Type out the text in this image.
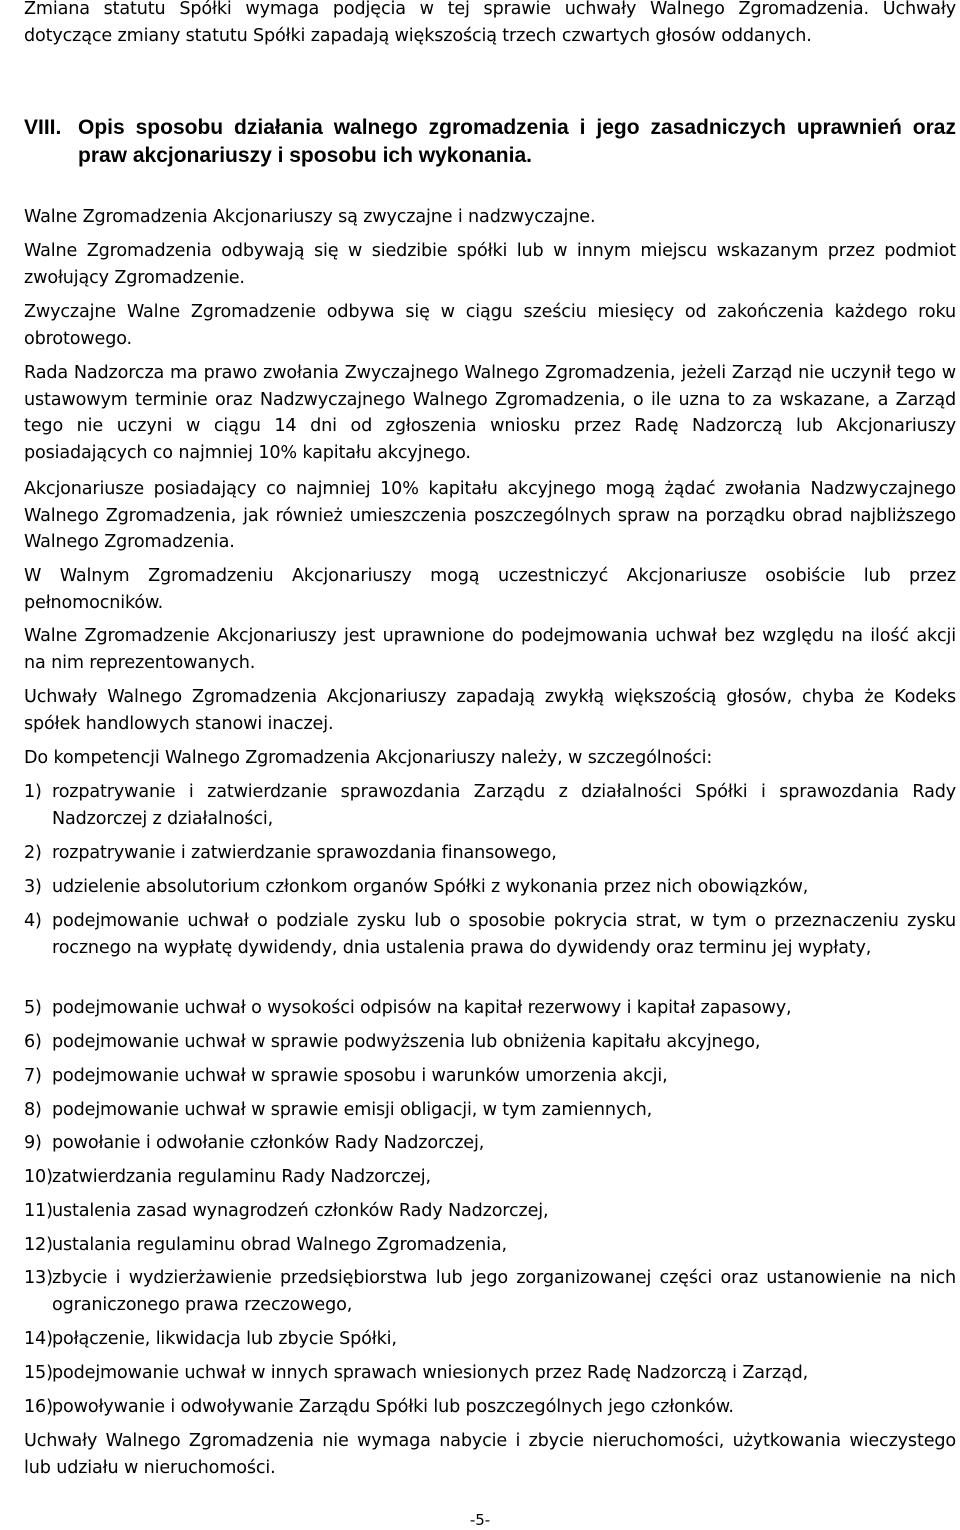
Zmiana statutu Spółki wymaga podjęcia w tej sprawie uchwały Walnego Zgromadzenia. Uchwały dotyczące zmiany statutu Spółki zapadają większością trzech czwartych głosów oddanych.

VIII. Opis sposobu działania walnego zgromadzenia i jego zasadniczych uprawnień oraz praw akcjonariuszy i sposobu ich wykonania.

Walne Zgromadzenia Akcjonariuszy są zwyczajne i nadzwyczajne.

Walne Zgromadzenia odbywają się w siedzibie spółki lub w innym miejscu wskazanym przez podmiot zwołujący Zgromadzenie.

Zwyczajne Walne Zgromadzenie odbywa się w ciągu sześciu miesięcy od zakończenia każdego roku obrotowego.

Rada Nadzorcza ma prawo zwołania Zwyczajnego Walnego Zgromadzenia, jeżeli Zarząd nie uczynił tego w ustawowym terminie oraz Nadzwyczajnego Walnego Zgromadzenia, o ile uzna to za wskazane, a Zarząd tego nie uczyni w ciągu 14 dni od zgłoszenia wniosku przez Radę Nadzorczą lub Akcjonariuszy posiadających co najmniej 10% kapitału akcyjnego.

Akcjonariusze posiadający co najmniej 10% kapitału akcyjnego mogą żądać zwołania Nadzwyczajnego Walnego Zgromadzenia, jak również umieszczenia poszczególnych spraw na porządku obrad najbliższego Walnego Zgromadzenia.

W Walnym Zgromadzeniu Akcjonariuszy mogą uczestniczyć Akcjonariusze osobiście lub przez pełnomocników.

Walne Zgromadzenie Akcjonariuszy jest uprawnione do podejmowania uchwał bez względu na ilość akcji na nim reprezentowanych.

Uchwały Walnego Zgromadzenia Akcjonariuszy zapadają zwykłą większością głosów, chyba że Kodeks spółek handlowych stanowi inaczej.

Do kompetencji Walnego Zgromadzenia Akcjonariuszy należy, w szczególności:

1) rozpatrywanie i zatwierdzanie sprawozdania Zarządu z działalności Spółki i sprawozdania Rady Nadzorczej z działalności,
2) rozpatrywanie i zatwierdzanie sprawozdania finansowego,
3) udzielenie absolutorium członkom organów Spółki z wykonania przez nich obowiązków,
4) podejmowanie uchwał o podziale zysku lub o sposobie pokrycia strat, w tym o przeznaczeniu zysku rocznego na wypłatę dywidendy, dnia ustalenia prawa do dywidendy oraz terminu jej wypłaty,
5) podejmowanie uchwał o wysokości odpisów na kapitał rezerwowy i kapitał zapasowy,
6) podejmowanie uchwał w sprawie podwyższenia lub obniżenia kapitału akcyjnego,
7) podejmowanie uchwał w sprawie sposobu i warunków umorzenia akcji,
8) podejmowanie uchwał w sprawie emisji obligacji, w tym zamiennych,
9) powołanie i odwołanie członków Rady Nadzorczej,
10) zatwierdzania regulaminu Rady Nadzorczej,
11) ustalenia zasad wynagrodzeń członków Rady Nadzorczej,
12) ustalania regulaminu obrad Walnego Zgromadzenia,
13) zbycie i wydzierżawienie przedsiębiorstwa lub jego zorganizowanej części oraz ustanowienie na nich ograniczonego prawa rzeczowego,
14) połączenie, likwidacja lub zbycie Spółki,
15) podejmowanie uchwał w innych sprawach wniesionych przez Radę Nadzorczą i Zarząd,
16) powoływanie i odwoływanie Zarządu Spółki lub poszczególnych jego członków.

Uchwały Walnego Zgromadzenia nie wymaga nabycie i zbycie nieruchomości, użytkowania wieczystego lub udziału w nieruchomości.

-5-
